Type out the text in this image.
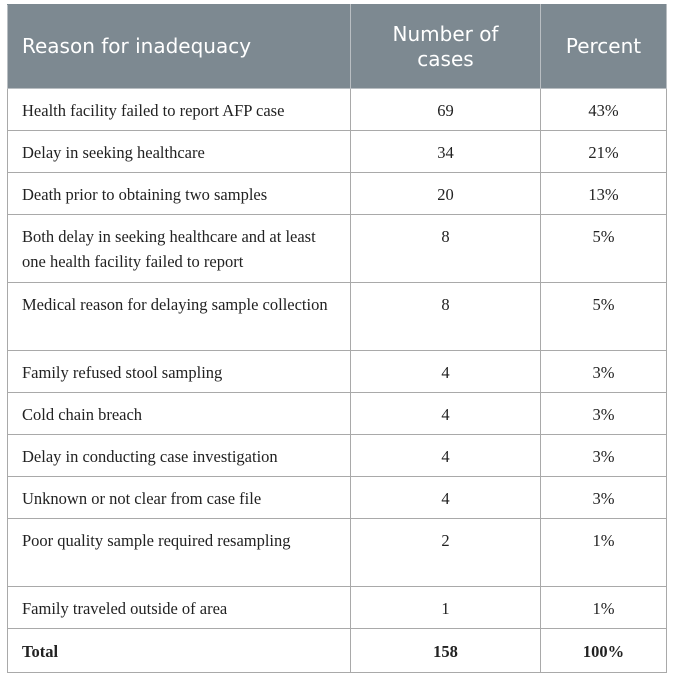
Reason for inadequacy	Number of cases	Percent
Health facility failed to report AFP case	69	43%
Delay in seeking healthcare	34	21%
Death prior to obtaining two samples	20	13%
Both delay in seeking healthcare and at least one health facility failed to report	8	5%
Medical reason for delaying sample collection	8	5%
Family refused stool sampling	4	3%
Cold chain breach	4	3%
Delay in conducting case investigation	4	3%
Unknown or not clear from case file	4	3%
Poor quality sample required resampling	2	1%
Family traveled outside of area	1	1%
Total	158	100%
